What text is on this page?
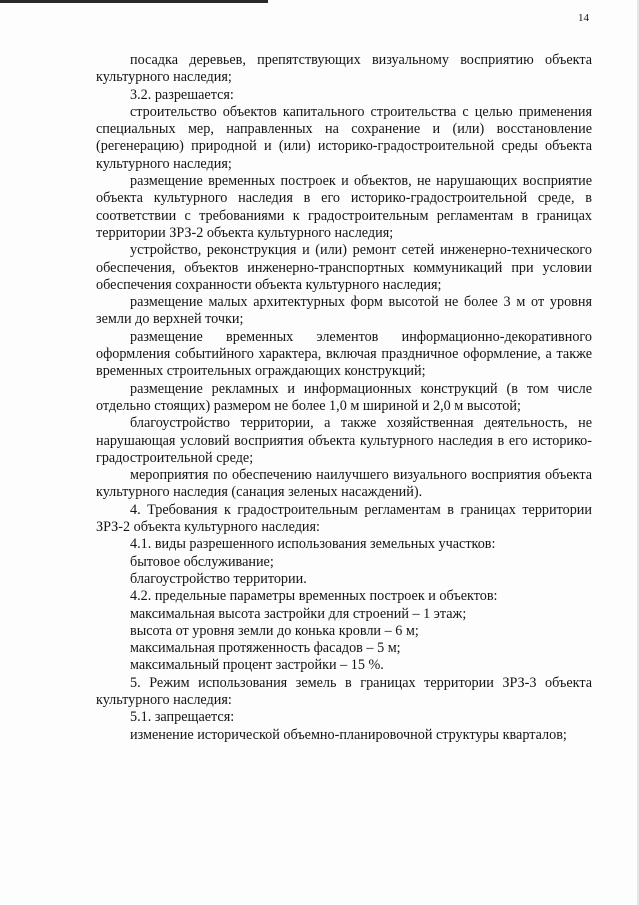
14

посадка деревьев, препятствующих визуальному восприятию объекта культурного наследия;

3.2. разрешается:

строительство объектов капитального строительства с целью применения специальных мер, направленных на сохранение и (или) восстановление (регенерацию) природной и (или) историко-градостроительной среды объекта культурного наследия;

размещение временных построек и объектов, не нарушающих восприятие объекта культурного наследия в его историко-градостроительной среде, в соответствии с требованиями к градостроительным регламентам в границах территории ЗРЗ-2 объекта культурного наследия;

устройство, реконструкция и (или) ремонт сетей инженерно-технического обеспечения, объектов инженерно-транспортных коммуникаций при условии обеспечения сохранности объекта культурного наследия;

размещение малых архитектурных форм высотой не более 3 м от уровня земли до верхней точки;

размещение временных элементов информационно-декоративного оформления событийного характера, включая праздничное оформление, а также временных строительных ограждающих конструкций;

размещение рекламных и информационных конструкций (в том числе отдельно стоящих) размером не более 1,0 м шириной и 2,0 м высотой;

благоустройство территории, а также хозяйственная деятельность, не нарушающая условий восприятия объекта культурного наследия в его историко-градостроительной среде;

мероприятия по обеспечению наилучшего визуального восприятия объекта культурного наследия (санация зеленых насаждений).

4. Требования к градостроительным регламентам в границах территории ЗРЗ-2 объекта культурного наследия:

4.1. виды разрешенного использования земельных участков:

бытовое обслуживание;

благоустройство территории.

4.2. предельные параметры временных построек и объектов:

максимальная высота застройки для строений – 1 этаж;

высота от уровня земли до конька кровли – 6 м;

максимальная протяженность фасадов – 5 м;

максимальный процент застройки – 15 %.

5. Режим использования земель в границах территории ЗРЗ-3 объекта культурного наследия:

5.1. запрещается:

изменение исторической объемно-планировочной структуры кварталов;
